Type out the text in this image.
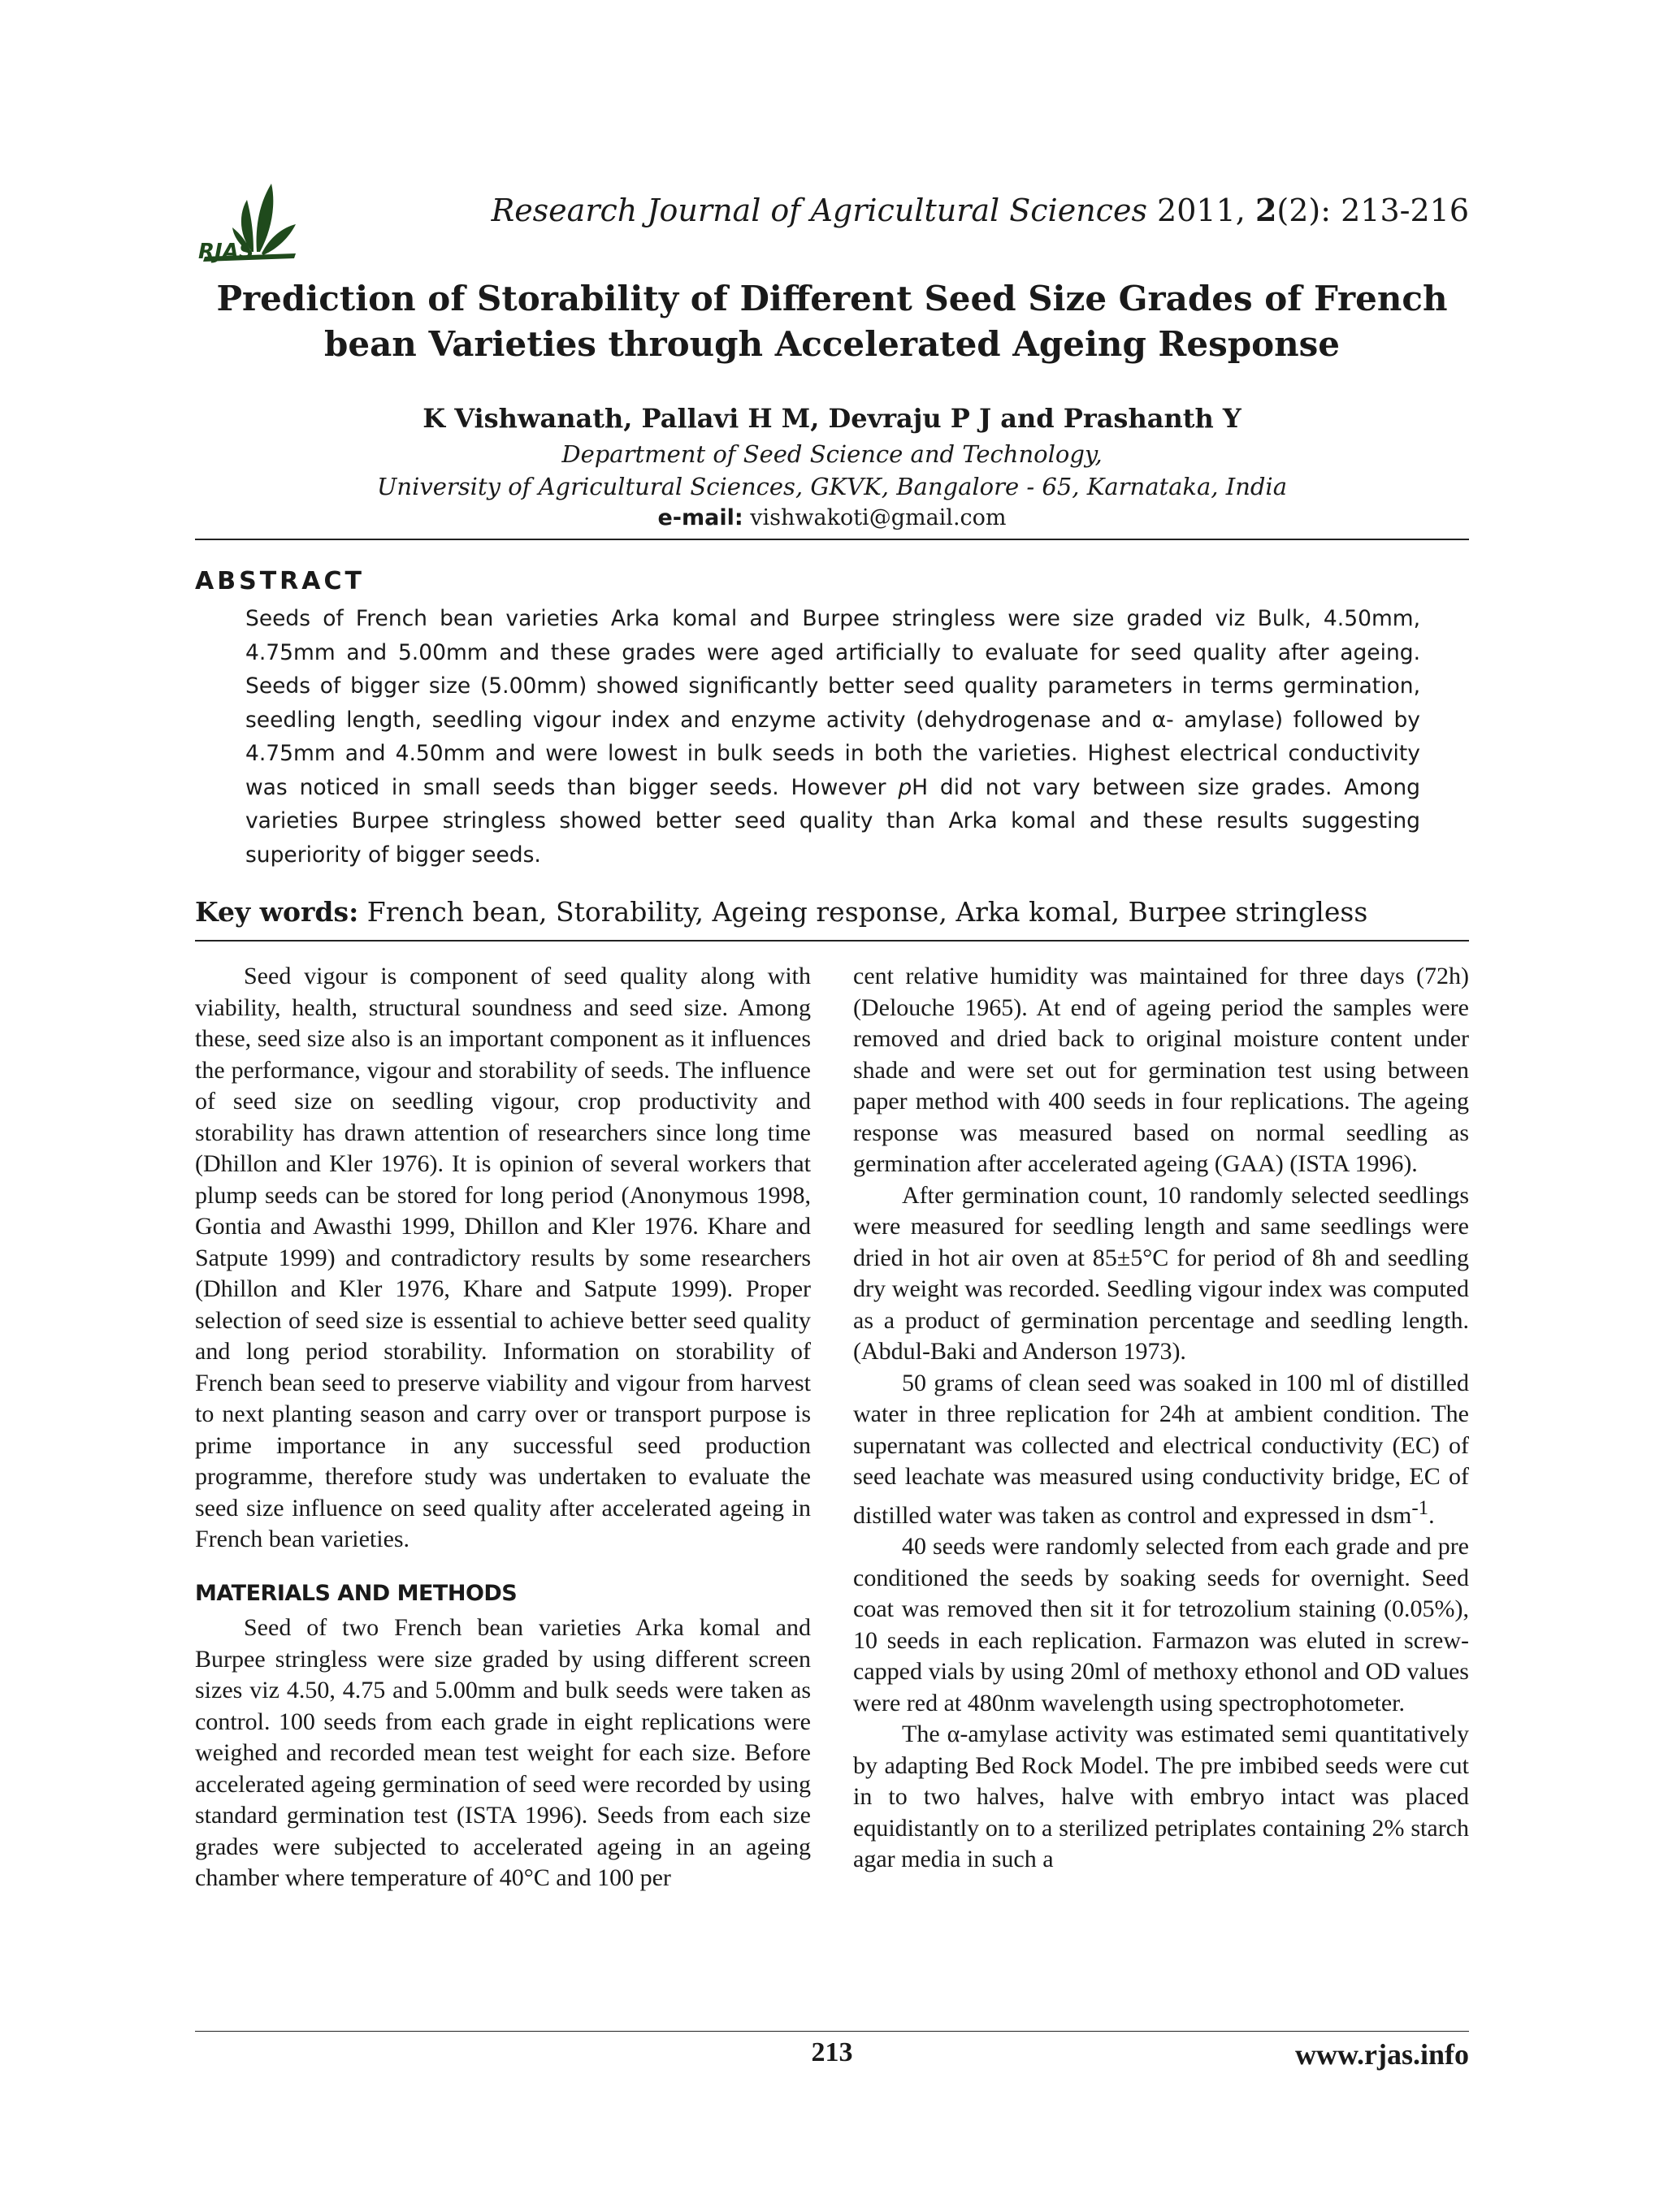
RJAS
Research Journal of Agricultural Sciences 2011, 2(2): 213-216
Prediction of Storability of Different Seed Size Grades of French bean Varieties through Accelerated Ageing Response
K Vishwanath, Pallavi H M, Devraju P J and Prashanth Y
Department of Seed Science and Technology,
University of Agricultural Sciences, GKVK, Bangalore - 65, Karnataka, India
e-mail: vishwakoti@gmail.com
ABSTRACT

Seeds of French bean varieties Arka komal and Burpee stringless were size graded viz Bulk, 4.50mm, 4.75mm and 5.00mm and these grades were aged artificially to evaluate for seed quality after ageing. Seeds of bigger size (5.00mm) showed significantly better seed quality parameters in terms germination, seedling length, seedling vigour index and enzyme activity (dehydrogenase and α- amylase) followed by 4.75mm and 4.50mm and were lowest in bulk seeds in both the varieties. Highest electrical conductivity was noticed in small seeds than bigger seeds. However pH did not vary between size grades. Among varieties Burpee stringless showed better seed quality than Arka komal and these results suggesting superiority of bigger seeds.

Key words: French bean, Storability, Ageing response, Arka komal, Burpee stringless

Seed vigour is component of seed quality along with viability, health, structural soundness and seed size. Among these, seed size also is an important component as it influences the performance, vigour and storability of seeds. The influence of seed size on seedling vigour, crop productivity and storability has drawn attention of researchers since long time (Dhillon and Kler 1976). It is opinion of several workers that plump seeds can be stored for long period (Anonymous 1998, Gontia and Awasthi 1999, Dhillon and Kler 1976. Khare and Satpute 1999) and contradictory results by some researchers (Dhillon and Kler 1976, Khare and Satpute 1999). Proper selection of seed size is essential to achieve better seed quality and long period storability. Information on storability of French bean seed to preserve viability and vigour from harvest to next planting season and carry over or transport purpose is prime importance in any successful seed production programme, therefore study was undertaken to evaluate the seed size influence on seed quality after accelerated ageing in French bean varieties.

MATERIALS AND METHODS

Seed of two French bean varieties Arka komal and Burpee stringless were size graded by using different screen sizes viz 4.50, 4.75 and 5.00mm and bulk seeds were taken as control. 100 seeds from each grade in eight replications were weighed and recorded mean test weight for each size. Before accelerated ageing germination of seed were recorded by using standard germination test (ISTA 1996). Seeds from each size grades were subjected to accelerated ageing in an ageing chamber where temperature of 40°C and 100 per

cent relative humidity was maintained for three days (72h) (Delouche 1965). At end of ageing period the samples were removed and dried back to original moisture content under shade and were set out for germination test using between paper method with 400 seeds in four replications. The ageing response was measured based on normal seedling as germination after accelerated ageing (GAA) (ISTA 1996).

After germination count, 10 randomly selected seedlings were measured for seedling length and same seedlings were dried in hot air oven at 85±5°C for period of 8h and seedling dry weight was recorded. Seedling vigour index was computed as a product of germination percentage and seedling length. (Abdul-Baki and Anderson 1973).

50 grams of clean seed was soaked in 100 ml of distilled water in three replication for 24h at ambient condition. The supernatant was collected and electrical conductivity (EC) of seed leachate was measured using conductivity bridge, EC of distilled water was taken as control and expressed in dsm$^{-1}$.

40 seeds were randomly selected from each grade and pre conditioned the seeds by soaking seeds for overnight. Seed coat was removed then sit it for tetrozolium staining (0.05%), 10 seeds in each replication. Farmazon was eluted in screw-capped vials by using 20ml of methoxy ethonol and OD values were red at 480nm wavelength using spectrophotometer.

The α-amylase activity was estimated semi quantitatively by adapting Bed Rock Model. The pre imbibed seeds were cut in to two halves, halve with embryo intact was placed equidistantly on to a sterilized petriplates containing 2% starch agar media in such a

213	www.rjas.info
